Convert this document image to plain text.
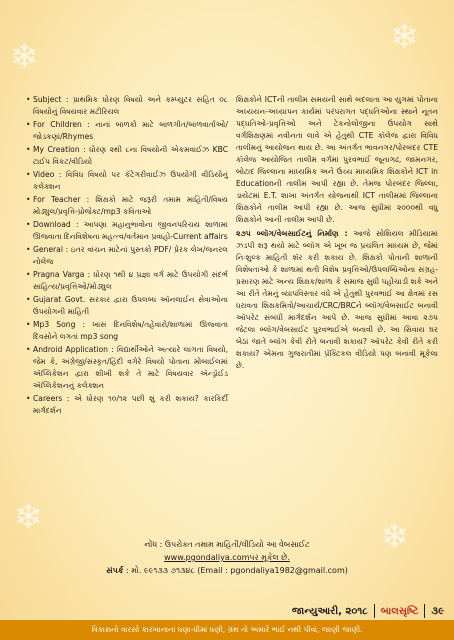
❄	❄
❄
❄
• Subject : પ્રાથમિક ધોરણ વિષયો અને કમ્પ્યુટર સહિત ૦૮ વિષયોનું વિષયવાર મટીરિયલ
• For Children : નાનાં બાળકો માટે બાળગીત/બાળવાર્તાઓ/જોડકણાં/Rhymes
• My Creation : ધોરણ ૨થી ૮ના વિષયોની એકમવાઈઝ KBC ટાઈપ વિકટ/વીડિયો
• Video : વિવિધ વિષયો પર કૅટેગરીવાઈઝ ઉપયોગી વીડિયોનું કલેક્શન
• For Teacher : શિક્ષકો માટે જરૂરી તમામ માહિતી/વિષય મોડ્યુલ/પ્રવૃત્તિ-પ્રોજેક્ટ/mp3 કવિતાઓ
• Download : આપણા મહાનુભાવોના જીવનપરિચય શાળામાં ઊજવાતા દિનવિશેષના મહત્ત્વ/વર્તમાન પ્રવાહો-Current affairs
• General : ઇતર વાંચન માટેનાં પુસ્તકો PDF/ પ્રેરક લેખ/જનરલ નોલેજ
• Pragna Varga : ધોરણ ૧થી ૪ પ્રજ્ઞા વર્ગ માટે ઉપયોગી સંદર્ભ સાહિત્ય/પ્રવૃત્તિઓ/મોડ્યુલ
• Gujarat Govt. સરકાર દ્વારા ઉપલબ્ધ ઑનલાઈન સેવાઓના ઉપયોગની માહિતી
• Mp3 Song : ખાસ દિનવિશેષ/તહેવારો/શાળામાં ઊજવાતા દિવસોને લગતાં mp3 song
• Android Application : વિદ્યાર્થીઓને અત્યારે લાગતા વિષયો, જેમ કે, અંગ્રેજી/સંસ્કૃત/હિંદી વગેરે વિષયો પોતાના મોબાઈલમાં ઍપ્લિકેશન દ્વારા શીખી શકે તે માટે વિષયવાર ઍન્ડ્રૉઈડ ઍપ્લિકેશનનું કલેક્શન
• Careers : એ ધોરણ ૧૦/૧૨ પછી શું કરી શકાય? કારકિર્દી માર્ગદર્શન

શિક્ષકોને ICTની તાલીમ સમયની સાથે બદલાતા આ યુગમાં પોતાના અધ્યયન-અધ્યાપન કાર્યમાં પરંપરાગત પદ્ધતિઓના સ્થાને નૂતન પદ્ધતિઓ-પ્રવૃત્તિઓ અને ટેકનોલોજીના ઉપયોગ સાથે વર્ગશિક્ષણમાં નવીનતા લાવે એ હેતુથી CTE કૉલેજ દ્વારા વિવિધ તાલીમનું આયોજન થાય છે. આ અંતર્ગત ભાવનગર/પોરબંદર CTE કૉલેજ આયોજિત તાલીમ વર્ગમાં પુરવભાઈ જૂનાગઢ, જામનગર, બોટાદ જિલ્લાના માધ્યમિક અને ઉચ્ચ માધ્યમિક શિક્ષકોને ICT in Educationની તાલીમ આપી રહ્યા છે. તેમજ પોરબંદર જિલ્લા, ડાયેટમાં E.T. શાખા અંતર્ગત યોજનાથી ICT તાલીમમાં જિલ્લાના શિક્ષકોને તાલીમ આપી રહ્યા છે. આજ સુધીમાં ૨૦૦૦થી વધુ શિક્ષકોને આની તાલીમ આપી છે.

૨૭૫ બ્લૉગ/વેબસાઈટનું નિર્માણ : આજે સોશિયલ મીડિયામાં ઝડપી શરૂ થયો માટે બ્લૉગ એ ખૂબ જ પ્રચલિત માધ્યમ છે, જેમાં નિઃશુલ્ક માહિતી શૅર કરી શકાય છે. શિક્ષકો પોતાની શાળાની વિશેષતાઓ કે શાળામાં થતી વિશેષ પ્રવૃત્તિઓ/ઉપલબ્ધિઓના સંગ્રહ-પ્રસારણ માટે અન્ય શિક્ષક/શાળા કે સમાજ સુધી પહોંચાડી શકે અને આ રીતે તેમનું વ્યાપવિસ્તાર વધે એ હેતુથી પુરવભાઈ આ ક્ષેત્રમાં રસ ધરાવતા શિક્ષકમિત્રો/આચાર્ય/CRC/BRCને બ્લૉગ/વેબસાઈટ બનાવી ઑપરેટ સંબંધી માર્ગદર્શન આપે છે. આજ સુધીમાં આવા ૨૭૫ જેટલા બ્લૉગ/વેબસાઈટ પુરવભાઈએ બનાવી છે. આ સિવાય ઘર બેઠાં જાતે બ્લૉગ કેવી રીતે બનાવી શકાય? ઑપરેટ કેવી રીતે કરી શકાય? એમના ગુજરાતીમાં પ્રૅક્ટિકલ વીડિયો પણ બનાવી મૂકેલા છે.

નોંધ : ઉપરોક્ત તમામ માહિતી/વીડિયો આ વેબસાઈટ
www.pgondaliya.comપર મૂકેલ છે.
સંપર્ક : મો. ૯૯૧૩૩ ૭૧૩૪૮ (Email : pgondaliya1982@gmail.com)
જાન્યુઆરી, ૨૦૧૮ બાલસૃષ્ટિ ૩૯
વિકાસનો વારસો કારખાનાનાં ધણા-ધીમાં ધણી, ગ્રંથ તો અમારે ભાઈ નથી પીવાં, જાણી જાણી.
